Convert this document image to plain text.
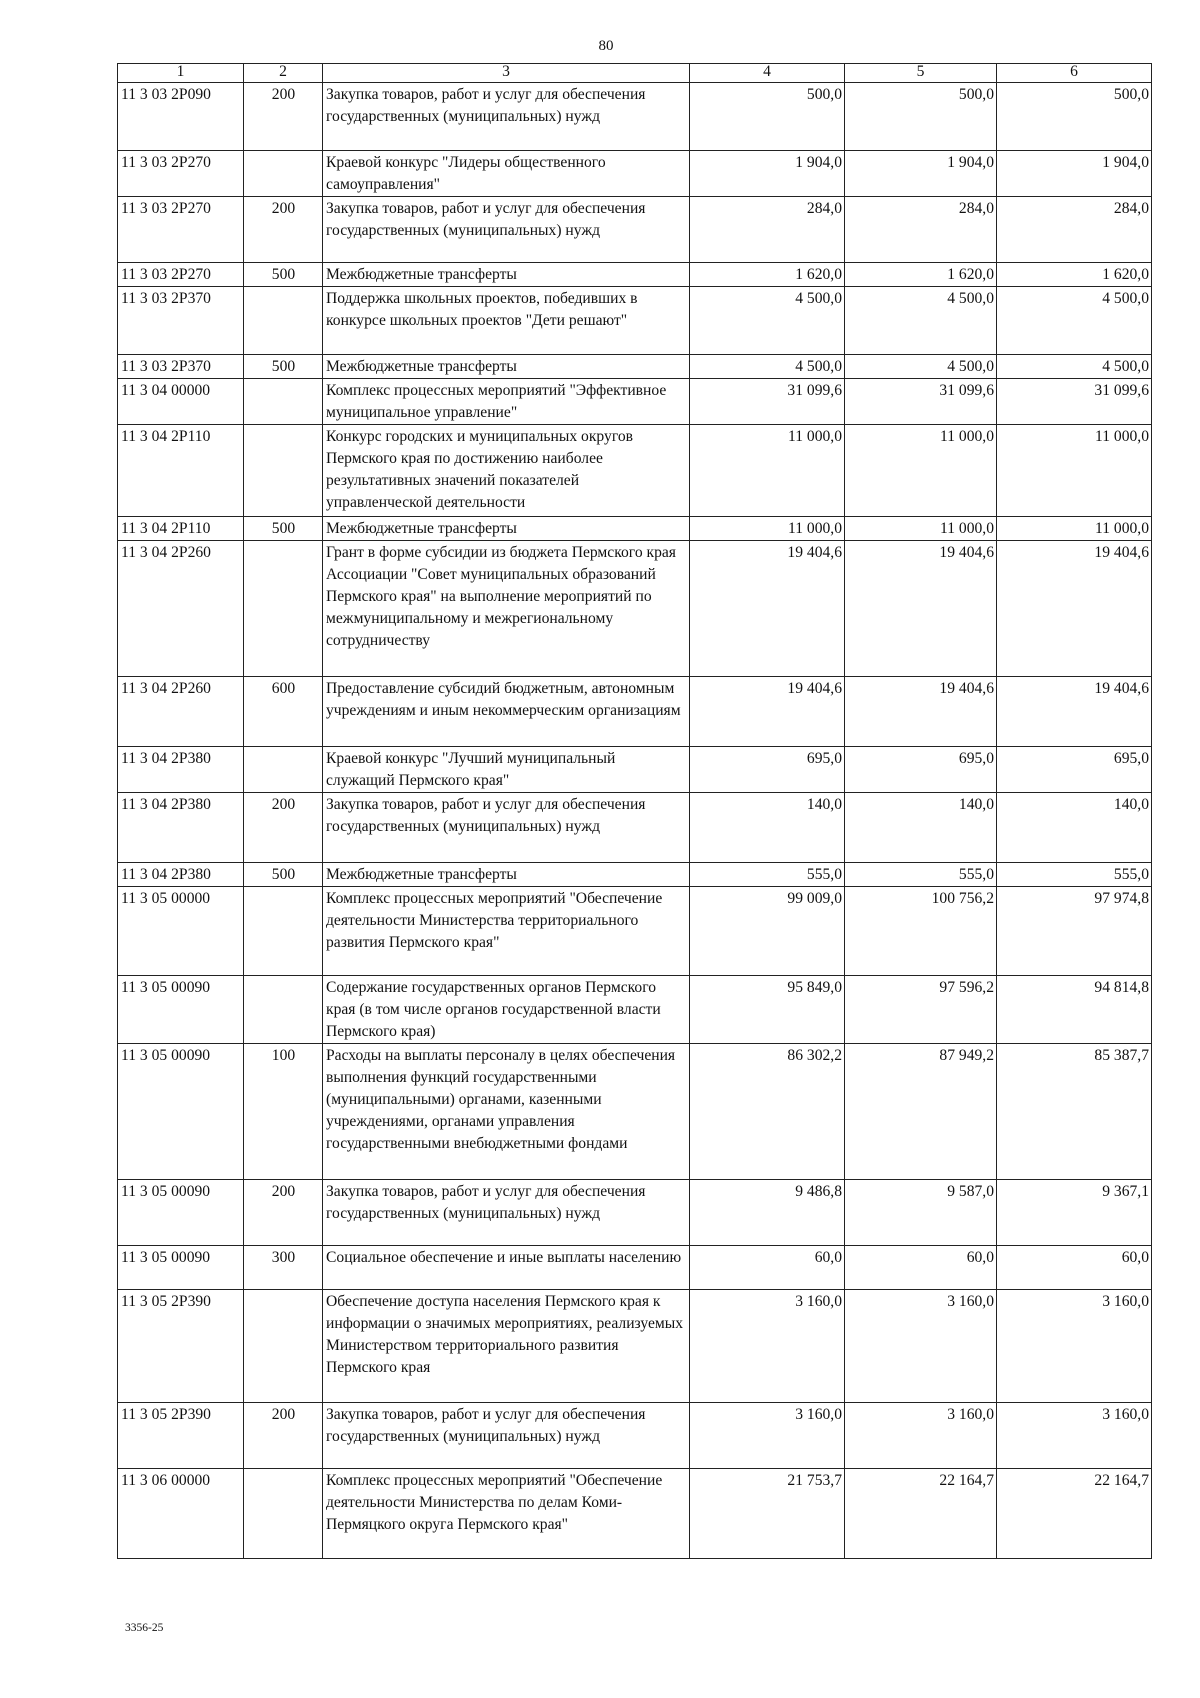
80
1	2	3	4	5	6
11 3 03 2Р090	200	Закупка товаров, работ и услуг для обеспечения государственных (муниципальных) нужд	500,0	500,0	500,0
11 3 03 2Р270		Краевой конкурс "Лидеры общественного самоуправления"	1 904,0	1 904,0	1 904,0
11 3 03 2Р270	200	Закупка товаров, работ и услуг для обеспечения государственных (муниципальных) нужд	284,0	284,0	284,0
11 3 03 2Р270	500	Межбюджетные трансферты	1 620,0	1 620,0	1 620,0
11 3 03 2Р370		Поддержка школьных проектов, победивших в конкурсе школьных проектов "Дети решают"	4 500,0	4 500,0	4 500,0
11 3 03 2Р370	500	Межбюджетные трансферты	4 500,0	4 500,0	4 500,0
11 3 04 00000		Комплекс процессных мероприятий "Эффективное муниципальное управление"	31 099,6	31 099,6	31 099,6
11 3 04 2Р110		Конкурс городских и муниципальных округов Пермского края по достижению наиболее результативных значений показателей управленческой деятельности	11 000,0	11 000,0	11 000,0
11 3 04 2Р110	500	Межбюджетные трансферты	11 000,0	11 000,0	11 000,0
11 3 04 2Р260		Грант в форме субсидии из бюджета Пермского края Ассоциации "Совет муниципальных образований Пермского края" на выполнение мероприятий по межмуниципальному и межрегиональному сотрудничеству	19 404,6	19 404,6	19 404,6
11 3 04 2Р260	600	Предоставление субсидий бюджетным, автономным учреждениям и иным некоммерческим организациям	19 404,6	19 404,6	19 404,6
11 3 04 2Р380		Краевой конкурс "Лучший муниципальный служащий Пермского края"	695,0	695,0	695,0
11 3 04 2Р380	200	Закупка товаров, работ и услуг для обеспечения государственных (муниципальных) нужд	140,0	140,0	140,0
11 3 04 2Р380	500	Межбюджетные трансферты	555,0	555,0	555,0
11 3 05 00000		Комплекс процессных мероприятий "Обеспечение деятельности Министерства территориального развития Пермского края"	99 009,0	100 756,2	97 974,8
11 3 05 00090		Содержание государственных органов Пермского края (в том числе органов государственной власти Пермского края)	95 849,0	97 596,2	94 814,8
11 3 05 00090	100	Расходы на выплаты персоналу в целях обеспечения выполнения функций государственными (муниципальными) органами, казенными учреждениями, органами управления государственными внебюджетными фондами	86 302,2	87 949,2	85 387,7
11 3 05 00090	200	Закупка товаров, работ и услуг для обеспечения государственных (муниципальных) нужд	9 486,8	9 587,0	9 367,1
11 3 05 00090	300	Социальное обеспечение и иные выплаты населению	60,0	60,0	60,0
11 3 05 2Р390		Обеспечение доступа населения Пермского края к информации о значимых мероприятиях, реализуемых Министерством территориального развития Пермского края	3 160,0	3 160,0	3 160,0
11 3 05 2Р390	200	Закупка товаров, работ и услуг для обеспечения государственных (муниципальных) нужд	3 160,0	3 160,0	3 160,0
11 3 06 00000		Комплекс процессных мероприятий "Обеспечение деятельности Министерства по делам Коми-Пермяцкого округа Пермского края"	21 753,7	22 164,7	22 164,7
3356-25
